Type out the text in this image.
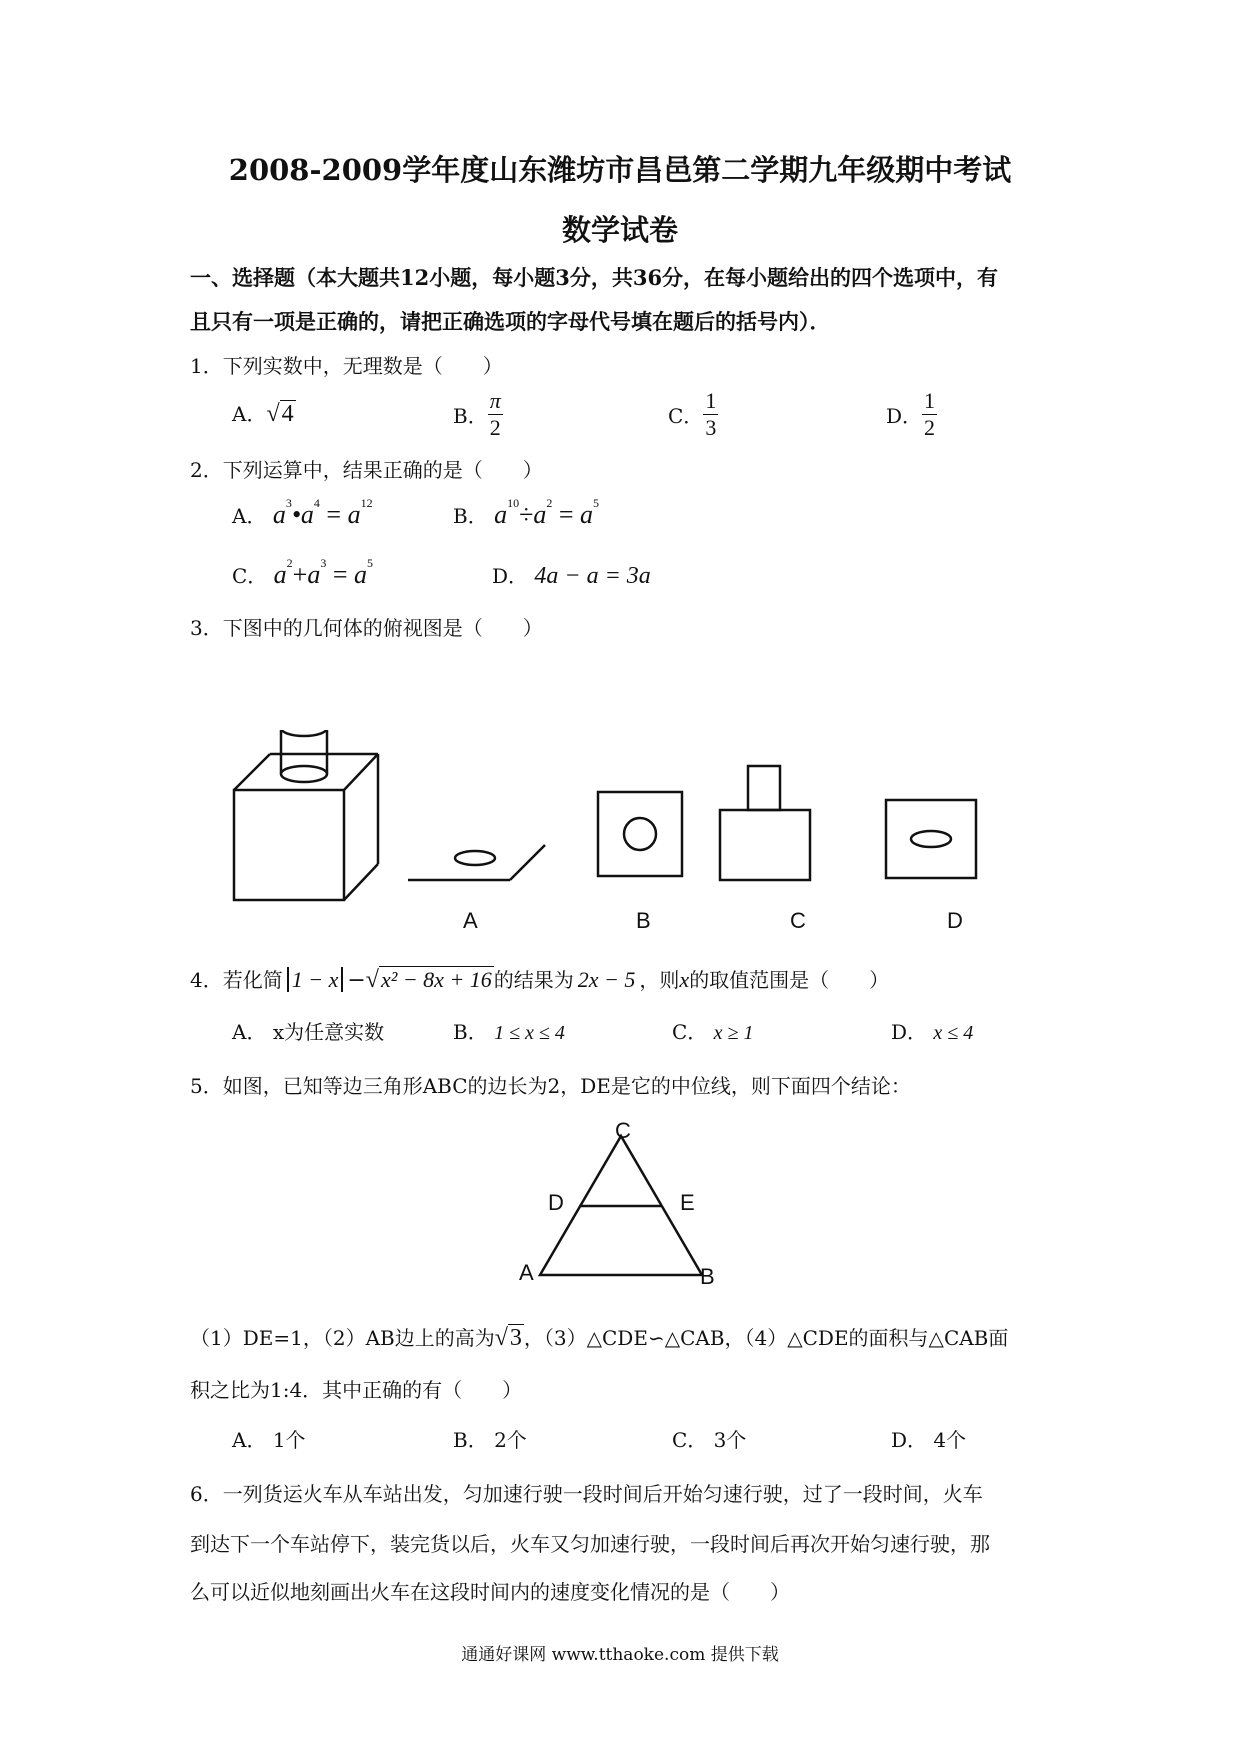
2008-2009学年度山东潍坊市昌邑第二学期九年级期中考试
数学试卷
一、选择题（本大题共12小题，每小题3分，共36分，在每小题给出的四个选项中，有
且只有一项是正确的，请把正确选项的字母代号填在题后的括号内）．
1．下列实数中，无理数是（　　）
A．√4	B． $\frac{\pi}{2}$	C． $\frac{1}{3}$	D． $\frac{1}{2}$
2．下列运算中，结果正确的是（　　）
A． $a^3•a^4 = a^{12}$
B． $a^{10}\div a^2 = a^5$
C． $a^2+a^3 = a^5$
D． 4a − a = 3a
3．下图中的几何体的俯视图是（　　）
A	B	C	D
4．若化简 1 − x −√x² − 8x + 16 的结果为 2x − 5 ，则x的取值范围是（　　）
A． x为任意实数	B． 1 ≤ x ≤ 4	C． x ≥ 1	D． x ≤ 4
5．如图，已知等边三角形ABC的边长为2，DE是它的中位线，则下面四个结论：
C
D	E
A	B
（1）DE=1，（2）AB边上的高为√3 ，（3）△CDE∽△CAB，（4）△CDE的面积与△CAB面
积之比为1:4．其中正确的有（　　）
A． 1个	B． 2个	C． 3个	D． 4个
6．一列货运火车从车站出发，匀加速行驶一段时间后开始匀速行驶，过了一段时间，火车
到达下一个车站停下，装完货以后，火车又匀加速行驶，一段时间后再次开始匀速行驶，那
么可以近似地刻画出火车在这段时间内的速度变化情况的是（　　）
通通好课网 www.tthaoke.com 提供下载
